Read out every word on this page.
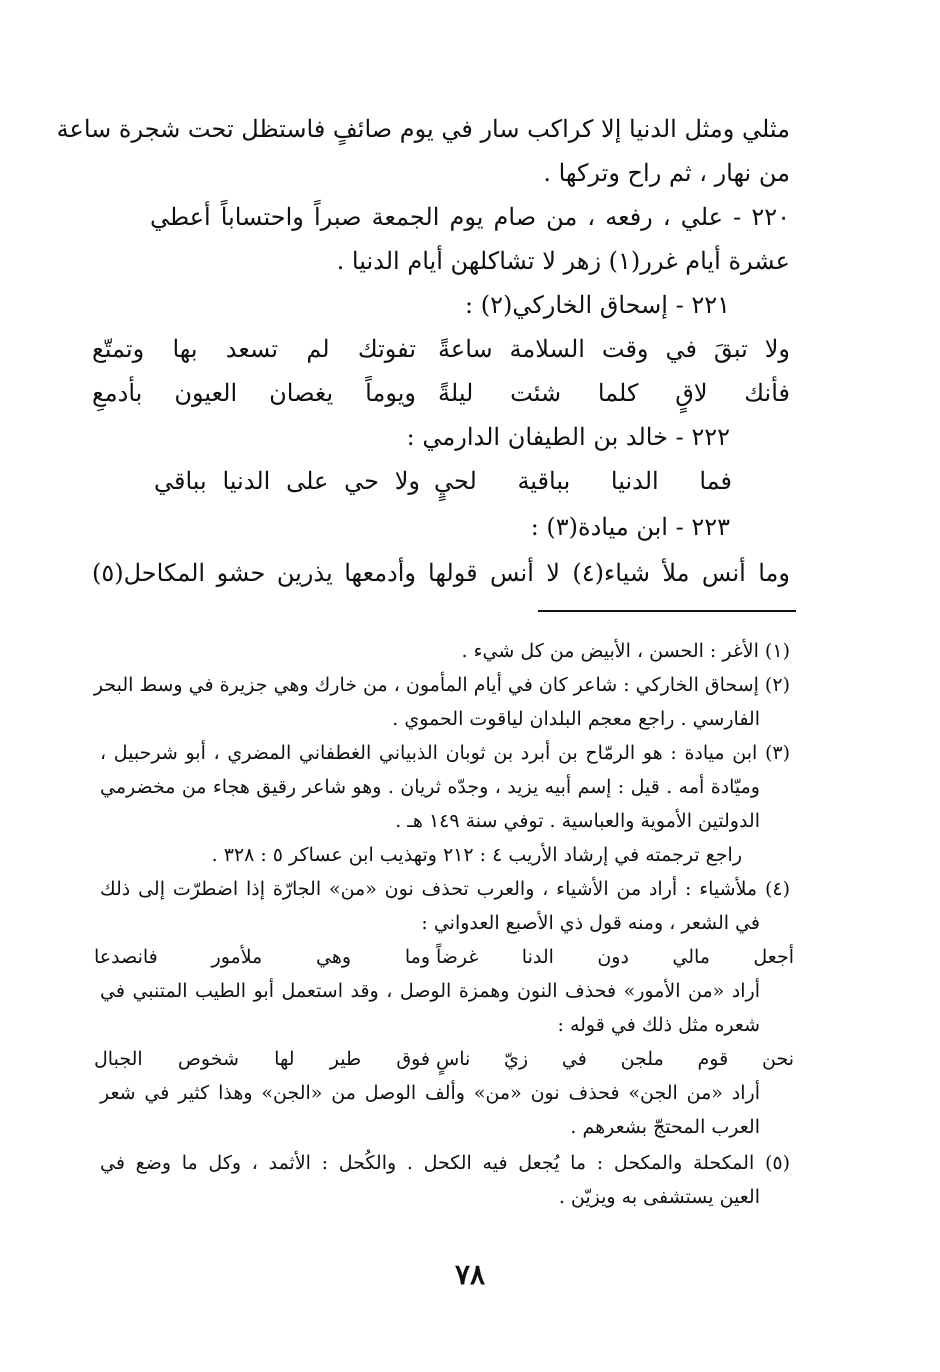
مثلي ومثل الدنيا إلا كراكب سار في يوم صائفٍ فاستظل تحت شجرة ساعة
من نهار ، ثم راح وتركها .
٢٢٠ - علي ، رفعه ، من صام يوم الجمعة صبراً واحتساباً أعطي
عشرة أيام غرر(١) زهر لا تشاكلهن أيام الدنيا .
٢٢١ - إسحاق الخاركي(٢) :
ولا تبقَ في وقت السلامة ساعةً
تفوتك لم تسعد بها وتمتّع
فأنك لاقٍ كلما شئت ليلةً
ويوماً يغصان العيون بأدمعِ
٢٢٢ - خالد بن الطيفان الدارمي :
فما الدنيا بباقية لحيٍ
ولا حي على الدنيا بباقي
٢٢٣ - ابن ميادة(٣) :
وما أنس ملأ شياء(٤) لا أنس قولها
وأدمعها يذرين حشو المكاحل(٥)
(١) الأغر : الحسن ، الأبيض من كل شيء .
(٢) إسحاق الخاركي : شاعر كان في أيام المأمون ، من خارك وهي جزيرة في وسط البحر
الفارسي . راجع معجم البلدان لياقوت الحموي .
(٣) ابن ميادة : هو الرمّاح بن أبرد بن ثوبان الذبياني الغطفاني المضري ، أبو شرحبيل ،
وميّادة أمه . قيل : إسم أبيه يزيد ، وجدّه ثريان . وهو شاعر رقيق هجاء من مخضرمي
الدولتين الأموية والعباسية . توفي سنة ١٤٩ هـ .
راجع ترجمته في إرشاد الأريب ٤ : ٢١٢ وتهذيب ابن عساكر ٥ : ٣٢٨ .
(٤) ملأشياء : أراد من الأشياء ، والعرب تحذف نون «من» الجارّة إذا اضطرّت إلى ذلك
في الشعر ، ومنه قول ذي الأصبع العدواني :
أجعل مالي دون الدنا غرضاً
وما وهي ملأمور فانصدعا
أراد «من الأمور» فحذف النون وهمزة الوصل ، وقد استعمل أبو الطيب المتنبي في
شعره مثل ذلك في قوله :
نحن قوم ملجن في زيّ ناسٍ
فوق طير لها شخوص الجبال
أراد «من الجن» فحذف نون «من» وألف الوصل من «الجن» وهذا كثير في شعر
العرب المحتجّ بشعرهم .
(٥) المكحلة والمكحل : ما يُجعل فيه الكحل . والكُحل : الأثمد ، وكل ما وضع في
العين يستشفى به ويزيّن .
٧٨
